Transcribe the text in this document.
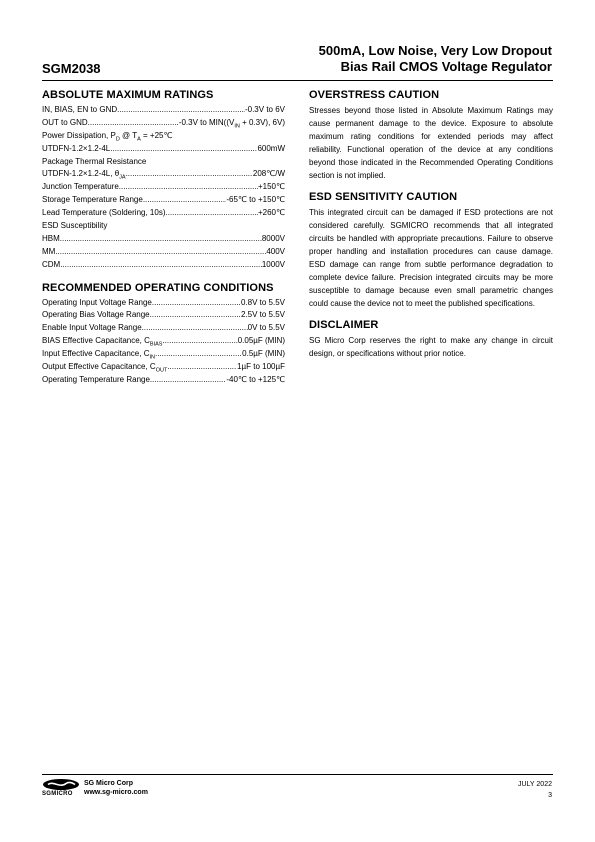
SGM2038
500mA, Low Noise, Very Low Dropout
Bias Rail CMOS Voltage Regulator
ABSOLUTE MAXIMUM RATINGS
IN, BIAS, EN to GND .....	-0.3V to 6V
OUT to GND .....	-0.3V to $MIN((V_{IN} + 0.3V)$, 6V)
Power Dissipation, $P_D$ @ $T_A$ = +25℃
UTDFN-1.2×1.2-4L .....	600mW
Package Thermal Resistance
UTDFN-1.2×1.2-4L, $\theta_{JA}$ .....	208℃/W
Junction Temperature .....	+150℃
Storage Temperature Range .....	-65℃ to +150℃
Lead Temperature (Soldering, 10s) .....	+260℃
ESD Susceptibility
HBM .....	8000V
MM .....	400V
CDM .....	1000V
RECOMMENDED OPERATING CONDITIONS
Operating Input Voltage Range .....	0.8V to 5.5V
Operating Bias Voltage Range .....	2.5V to 5.5V
Enable Input Voltage Range .....	0V to 5.5V
BIAS Effective Capacitance, $C_{BIAS}$ .....	0.05µF (MIN)
Input Effective Capacitance, $C_{IN}$ .....	0.5µF (MIN)
Output Effective Capacitance, $C_{OUT}$ .....	1µF to 100µF
Operating Temperature Range .....	-40℃ to +125℃
OVERSTRESS CAUTION

Stresses beyond those listed in Absolute Maximum Ratings may cause permanent damage to the device. Exposure to absolute maximum rating conditions for extended periods may affect reliability. Functional operation of the device at any conditions beyond those indicated in the Recommended Operating Conditions section is not implied.

ESD SENSITIVITY CAUTION

This integrated circuit can be damaged if ESD protections are not considered carefully. SGMICRO recommends that all integrated circuits be handled with appropriate precautions. Failure to observe proper handling and installation procedures can cause damage. ESD damage can range from subtle performance degradation to complete device failure. Precision integrated circuits may be more susceptible to damage because even small parametric changes could cause the device not to meet the published specifications.

DISCLAIMER

SG Micro Corp reserves the right to make any change in circuit design, or specifications without prior notice.

SGMICRO
SG Micro Corp
www.sg-micro.com
JULY 2022
3
